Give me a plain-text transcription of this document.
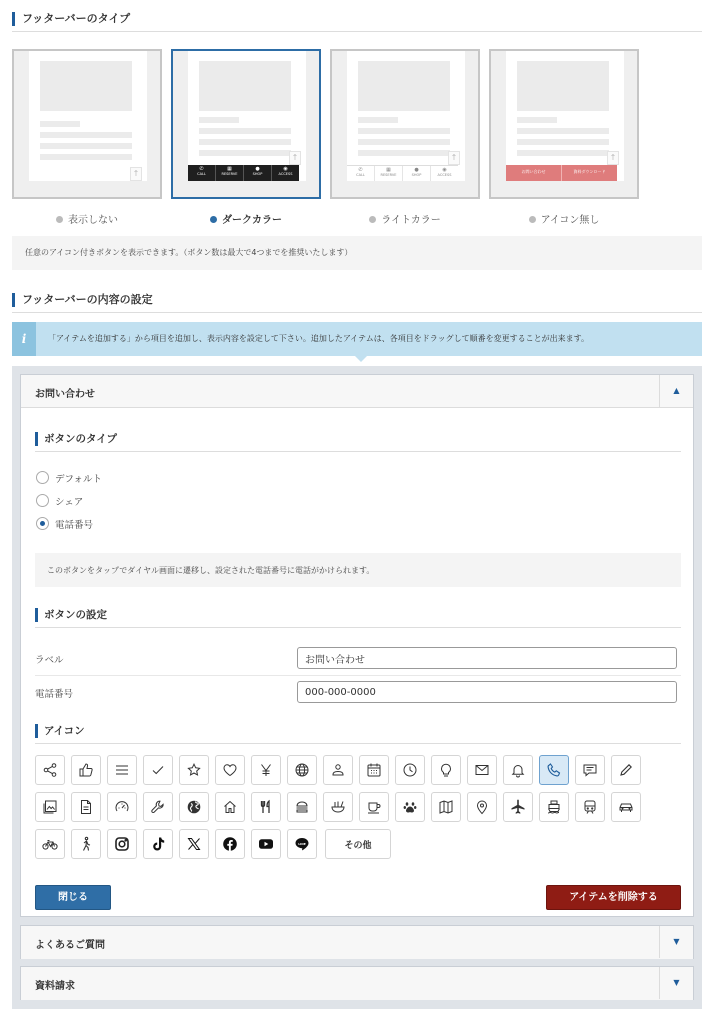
フッターバーのタイプ
↑
↑
✆
CALL
▦
RESERVE
●
SHOP
◉
ACCESS
↑
✆
CALL
▦
RESERVE
●
SHOP
◉
ACCESS
↑
お問い合わせ	資料ダウンロード
表示しない	ダークカラー	ライトカラー	アイコン無し
任意のアイコン付きボタンを表示できます。（ボタン数は最大で4つまでを推奨いたします）
フッターバーの内容の設定
i	「アイテムを追加する」から項目を追加し、表示内容を設定して下さい。追加したアイテムは、各項目をドラッグして順番を変更することが出来ます。
お問い合わせ	▲
ボタンのタイプ
デフォルト
シェア
電話番号
このボタンをタップでダイヤル画面に遷移し、設定された電話番号に電話がかけられます。
ボタンの設定
ラベル
お問い合わせ
電話番号
000-000-0000
アイコン
LINE	その他
閉じる	アイテムを削除する
よくあるご質問	▼
資料請求	▼
